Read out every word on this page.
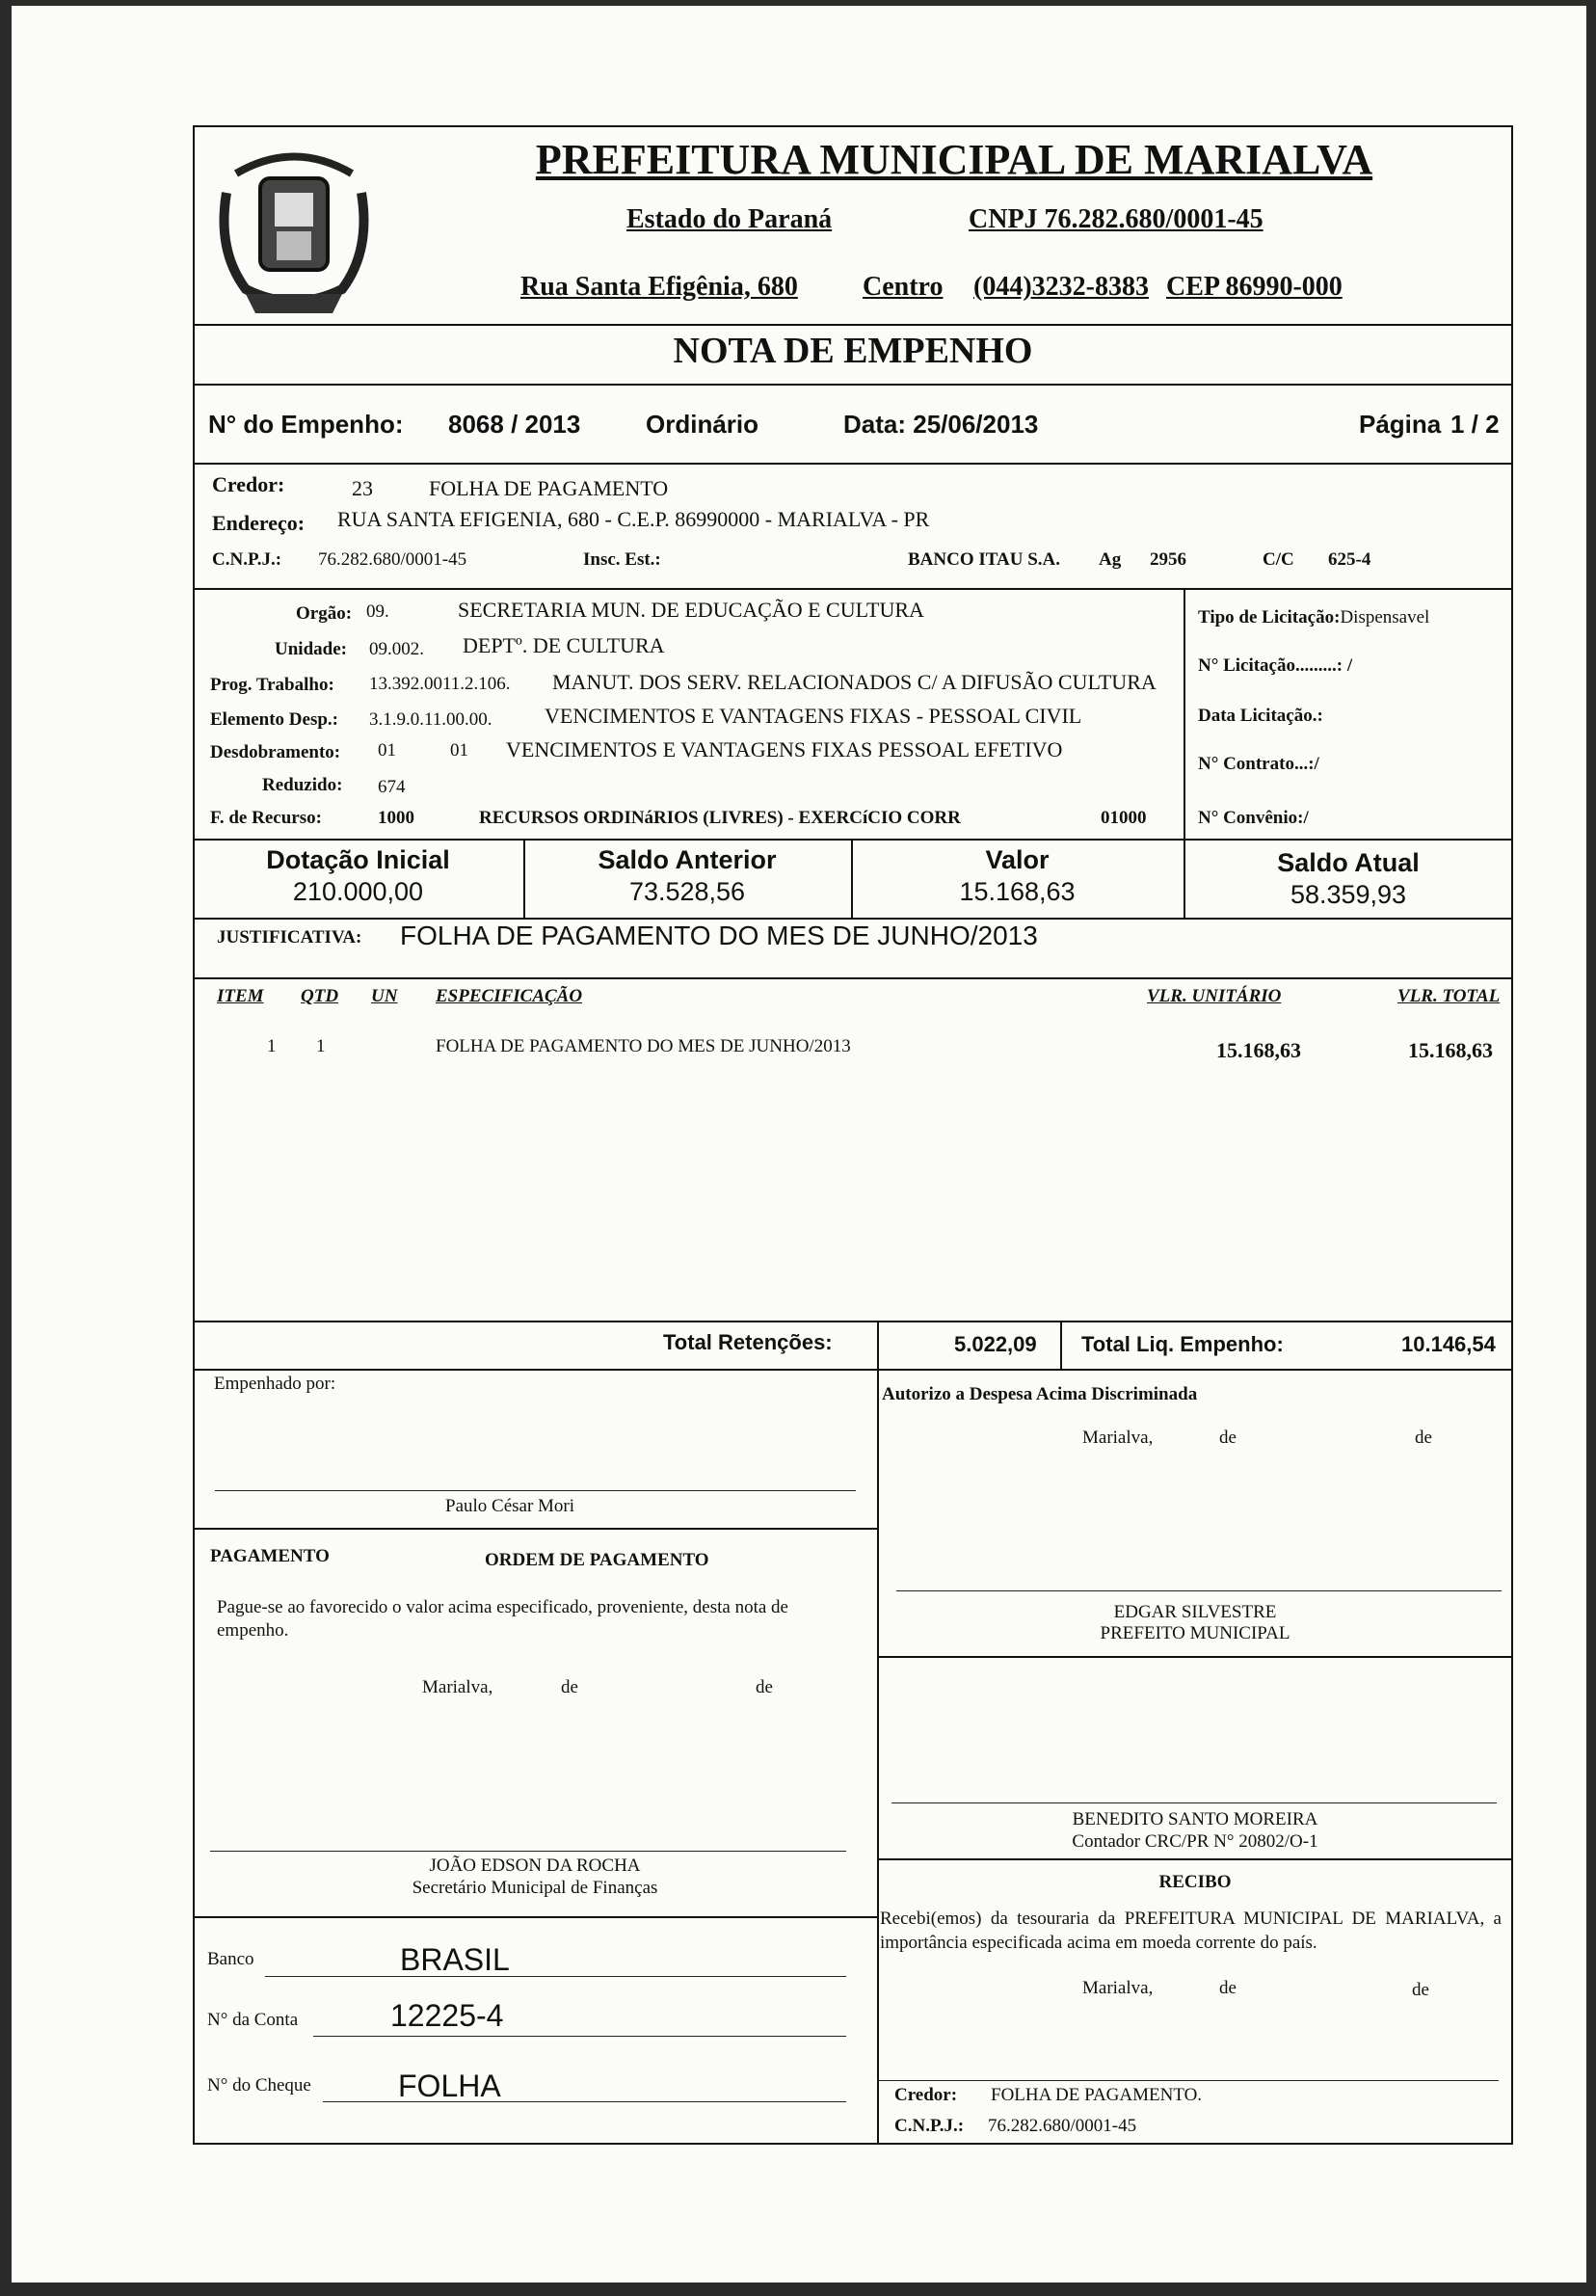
PREFEITURA MUNICIPAL DE MARIALVA
Estado do Paraná	CNPJ 76.282.680/0001-45
Rua Santa Efigênia, 680 Centro (044)3232-8383 CEP 86990-000
NOTA DE EMPENHO
N° do Empenho: 8068 / 2013	Ordinário	Data: 25/06/2013	Página 1 / 2
Credor:	23	FOLHA DE PAGAMENTO
Endereço: RUA SANTA EFIGENIA, 680 - C.E.P. 86990000 - MARIALVA - PR
C.N.P.J.: 76.282.680/0001-45	Insc. Est.:	BANCO ITAU S.A. Ag 2956	C/C 625-4
Orgão: 09.	SECRETARIA MUN. DE EDUCAÇÃO E CULTURA
Unidade: 09.002. DEPTº. DE CULTURA
Prog. Trabalho: 13.392.0011.2.106. MANUT. DOS SERV. RELACIONADOS C/ A DIFUSÃO CULTURA
Elemento Desp.: 3.1.9.0.11.00.00. VENCIMENTOS E VANTAGENS FIXAS - PESSOAL CIVIL
Desdobramento: 01	01 VENCIMENTOS E VANTAGENS FIXAS PESSOAL EFETIVO
Reduzido: 674
F. de Recurso:	1000	RECURSOS ORDINáRIOS (LIVRES) - EXERCíCIO CORR	01000
Tipo de Licitação:Dispensavel
N° Licitação.........: /
Data Licitação.:
N° Contrato...:/
N° Convênio:/
Dotação Inicial
210.000,00
Saldo Anterior
73.528,56
Valor
15.168,63
Saldo Atual
58.359,93
JUSTIFICATIVA: FOLHA DE PAGAMENTO DO MES DE JUNHO/2013
ITEM QTD UN ESPECIFICAÇÃO	VLR. UNITÁRIO	VLR. TOTAL
1 1	FOLHA DE PAGAMENTO DO MES DE JUNHO/2013	15.168,63	15.168,63
Total Retenções:	5.022,09 Total Liq. Empenho:	10.146,54
Empenhado por:
Paulo César Mori
Autorizo a Despesa Acima Discriminada
Marialva,	de	de
EDGAR SILVESTRE
PREFEITO MUNICIPAL
PAGAMENTO	ORDEM DE PAGAMENTO
Pague-se ao favorecido o valor acima especificado, proveniente, desta nota de empenho.
Marialva,	de	de
JOÃO EDSON DA ROCHA
Secretário Municipal de Finanças
BENEDITO SANTO MOREIRA
Contador CRC/PR N° 20802/O-1
RECIBO
Recebi(emos) da tesouraria da PREFEITURA MUNICIPAL DE MARIALVA, a importância especificada acima em moeda corrente do país.
Marialva,	de	de
Banco	BRASIL
N° da Conta	12225-4
N° do Cheque	FOLHA	Credor: FOLHA DE PAGAMENTO.
C.N.P.J.: 76.282.680/0001-45
